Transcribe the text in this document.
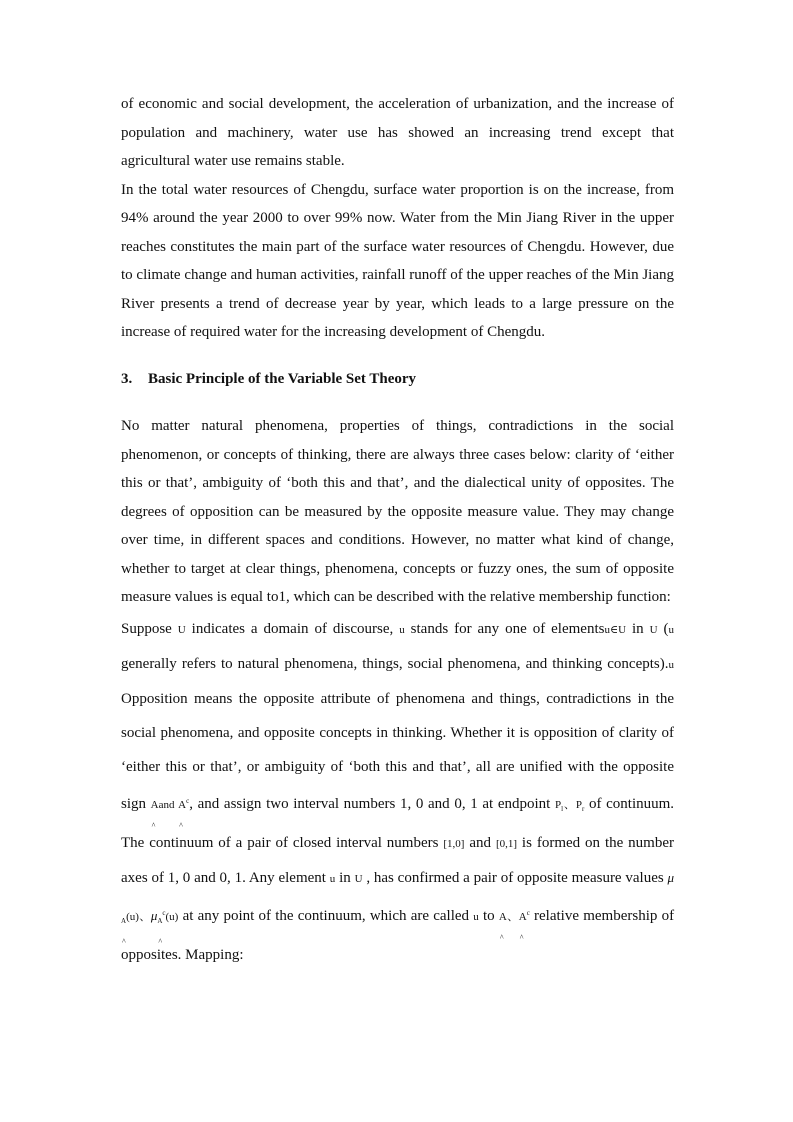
of economic and social development, the acceleration of urbanization, and the increase of population and machinery, water use has showed an increasing trend except that agricultural water use remains stable.

In the total water resources of Chengdu, surface water proportion is on the increase, from 94% around the year 2000 to over 99% now. Water from the Min Jiang River in the upper reaches constitutes the main part of the surface water resources of Chengdu. However, due to climate change and human activities, rainfall runoff of the upper reaches of the Min Jiang River presents a trend of decrease year by year, which leads to a large pressure on the increase of required water for the increasing development of Chengdu.

3.	Basic Principle of the Variable Set Theory

No matter natural phenomena, properties of things, contradictions in the social phenomenon, or concepts of thinking, there are always three cases below: clarity of ‘either this or that’, ambiguity of ‘both this and that’, and the dialectical unity of opposites. The degrees of opposition can be measured by the opposite measure value. They may change over time, in different spaces and conditions. However, no matter what kind of change, whether to target at clear things, phenomena, concepts or fuzzy ones, the sum of opposite measure values is equal to1, which can be described with the relative membership function:

Suppose U indicates a domain of discourse, u stands for any one of elementsu∈U in U (u generally refers to natural phenomena, things, social phenomena, and thinking concepts).u Opposition means the opposite attribute of phenomena and things, contradictions in the social phenomena, and opposite concepts in thinking. Whether it is opposition of clarity of ‘either this or that’, or ambiguity of ‘both this and that’, all are unified with the opposite sign A ^and A ^$^c$, and assign two interval numbers 1, 0 and 0, 1 at endpoint $P_l$、$P_r$ of continuum. The continuum of a pair of closed interval numbers [1,0] and [0,1] is formed on the number axes of 1, 0 and 0, 1. Any element u in U , has confirmed a pair of opposite measure values μA ^(u)、μA ^$^c$(u) at any point of the continuum, which are called u to A ^、A ^$^c$ relative membership of opposites. Mapping:
